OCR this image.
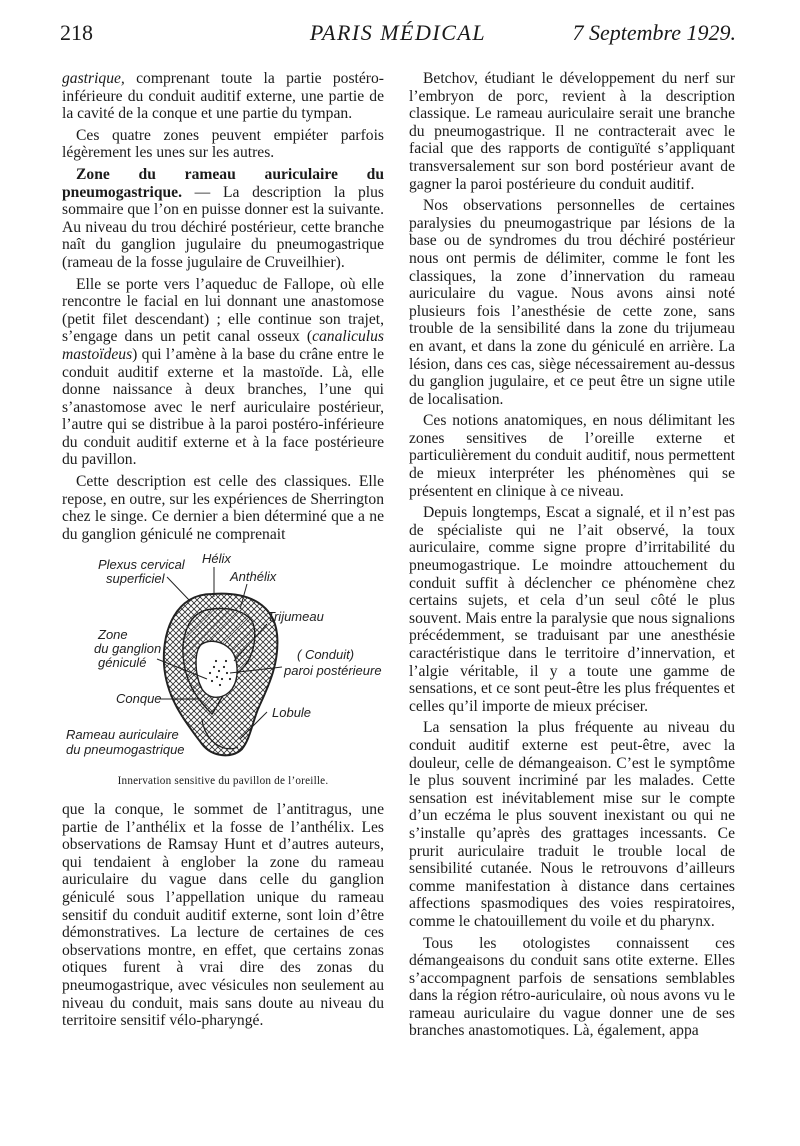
218	PARIS MÉDICAL	7 Septembre 1929.

gastrique, comprenant toute la partie postéro-inférieure du conduit auditif externe, une partie de la cavité de la conque et une partie du tympan.

Ces quatre zones peuvent empiéter parfois légèrement les unes sur les autres.

Zone du rameau auriculaire du pneumogastrique. — La description la plus sommaire que l’on en puisse donner est la suivante. Au niveau du trou déchiré postérieur, cette branche naît du ganglion jugulaire du pneumogastrique (rameau de la fosse jugulaire de Cruveilhier).

Elle se porte vers l’aqueduc de Fallope, où elle rencontre le facial en lui donnant une anastomose (petit filet descendant) ; elle continue son trajet, s’engage dans un petit canal osseux (canaliculus mastoïdeus) qui l’amène à la base du crâne entre le conduit auditif externe et la mastoïde. Là, elle donne naissance à deux branches, l’une qui s’anastomose avec le nerf auriculaire postérieur, l’autre qui se distribue à la paroi postéro-inférieure du conduit auditif externe et à la face postérieure du pavillon.

Cette description est celle des classiques. Elle repose, en outre, sur les expériences de Sherrington chez le singe. Ce dernier a bien déterminé que a ne du ganglion géniculé ne comprenait

Plexus cervical
superficiel
Hélix
Anthélix
Trijumeau
Zone
du ganglion
géniculé
( Conduit)
paroi postérieure
Conque
Lobule
Rameau auriculaire
du pneumogastrique
Innervation sensitive du pavillon de l’oreille.

que la conque, le sommet de l’antitragus, une partie de l’anthélix et la fosse de l’anthélix. Les observations de Ramsay Hunt et d’autres auteurs, qui tendaient à englober la zone du rameau auriculaire du vague dans celle du ganglion géniculé sous l’appellation unique du rameau sensitif du conduit auditif externe, sont loin d’être démonstratives. La lecture de certaines de ces observations montre, en effet, que certains zonas otiques furent à vrai dire des zonas du pneumogastrique, avec vésicules non seulement au niveau du conduit, mais sans doute au niveau du territoire sensitif vélo-pharyngé.

Betchov, étudiant le développement du nerf sur l’embryon de porc, revient à la description classique. Le rameau auriculaire serait une branche du pneumogastrique. Il ne contracterait avec le facial que des rapports de contiguïté s’appliquant transversalement sur son bord postérieur avant de gagner la paroi postérieure du conduit auditif.

Nos observations personnelles de certaines paralysies du pneumogastrique par lésions de la base ou de syndromes du trou déchiré postérieur nous ont permis de délimiter, comme le font les classiques, la zone d’innervation du rameau auriculaire du vague. Nous avons ainsi noté plusieurs fois l’anesthésie de cette zone, sans trouble de la sensibilité dans la zone du trijumeau en avant, et dans la zone du géniculé en arrière. La lésion, dans ces cas, siège nécessairement au-dessus du ganglion jugulaire, et ce peut être un signe utile de localisation.

Ces notions anatomiques, en nous délimitant les zones sensitives de l’oreille externe et particulièrement du conduit auditif, nous permettent de mieux interpréter les phénomènes qui se présentent en clinique à ce niveau.

Depuis longtemps, Escat a signalé, et il n’est pas de spécialiste qui ne l’ait observé, la toux auriculaire, comme signe propre d’irritabilité du pneumogastrique. Le moindre attouchement du conduit suffit à déclencher ce phénomène chez certains sujets, et cela d’un seul côté le plus souvent. Mais entre la paralysie que nous signalions précédemment, se traduisant par une anesthésie caractéristique dans le territoire d’innervation, et l’algie véritable, il y a toute une gamme de sensations, et ce sont peut-être les plus fréquentes et celles qu’il importe de mieux préciser.

La sensation la plus fréquente au niveau du conduit auditif externe est peut-être, avec la douleur, celle de démangeaison. C’est le symptôme le plus souvent incriminé par les malades. Cette sensation est inévitablement mise sur le compte d’un eczéma le plus souvent inexistant ou qui ne s’installe qu’après des grattages incessants. Ce prurit auriculaire traduit le trouble local de sensibilité cutanée. Nous le retrouvons d’ailleurs comme manifestation à distance dans certaines affections spasmodiques des voies respiratoires, comme le chatouillement du voile et du pharynx.

Tous les otologistes connaissent ces démangeaisons du conduit sans otite externe. Elles s’accompagnent parfois de sensations semblables dans la région rétro-auriculaire, où nous avons vu le rameau auriculaire du vague donner une de ses branches anastomotiques. Là, également, appa
